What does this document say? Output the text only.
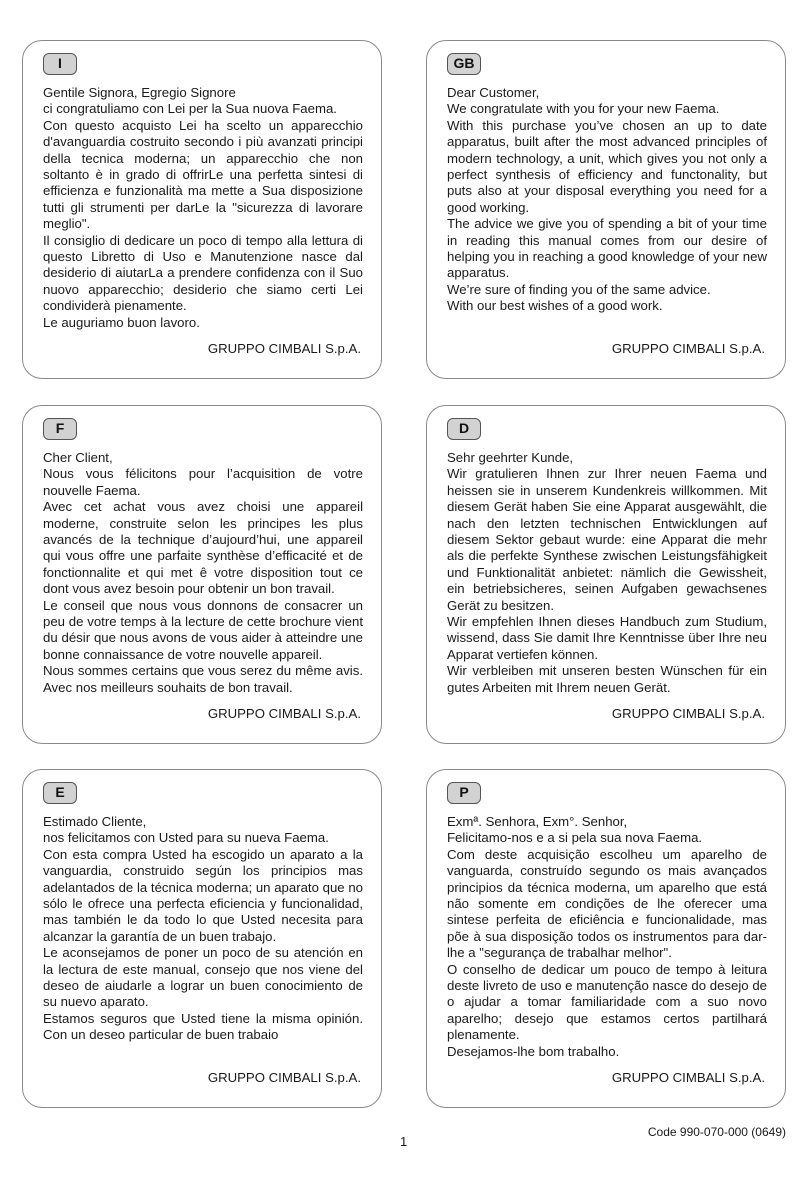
I

Gentile Signora, Egregio Signore

ci congratuliamo con Lei per la Sua nuova Faema.

Con questo acquisto Lei ha scelto un apparecchio d'avanguardia costruito secondo i più avanzati principi della tecnica moderna; un apparecchio che non soltanto è in grado di offrirLe una perfetta sintesi di efficienza e funzionalità ma mette a Sua disposizione tutti gli strumenti per darLe la "sicurezza di lavorare meglio".

Il consiglio di dedicare un poco di tempo alla lettura di questo Libretto di Uso e Manutenzione nasce dal desiderio di aiutarLa a prendere confidenza con il Suo nuovo apparecchio; desiderio che siamo certi Lei condividerà pienamente.

Le auguriamo buon lavoro.

GRUPPO CIMBALI S.p.A.
GB

Dear Customer,

We congratulate with you for your new Faema.

With this purchase you’ve chosen an up to date apparatus, built after the most advanced principles of modern technology, a unit, which gives you not only a perfect synthesis of efficiency and functonality, but puts also at your disposal everything you need for a good working.

The advice we give you of spending a bit of your time in reading this manual comes from our desire of helping you in reaching a good knowledge of your new apparatus.

We’re sure of finding you of the same advice.

With our best wishes of a good work.

GRUPPO CIMBALI S.p.A.
F

Cher Client,

Nous vous félicitons pour l’acquisition de votre nouvelle Faema.

Avec cet achat vous avez choisi une appareil moderne, construite selon les principes les plus avancés de la technique d’aujourd’hui, une appareil qui vous offre une parfaite synthèse d’efficacité et de fonctionnalite et qui met ê votre disposition tout ce dont vous avez besoin pour obtenir un bon travail.

Le conseil que nous vous donnons de consacrer un peu de votre temps à la lecture de cette brochure vient du désir que nous avons de vous aider à atteindre une bonne connaissance de votre nouvelle appareil.

Nous sommes certains que vous serez du même avis. Avec nos meilleurs souhaits de bon travail.

GRUPPO CIMBALI S.p.A.
D

Sehr geehrter Kunde,

Wir gratulieren Ihnen zur Ihrer neuen Faema und heissen sie in unserem Kundenkreis willkommen. Mit diesem Gerät haben Sie eine Apparat ausgewählt, die nach den letzten technischen Entwicklungen auf diesem Sektor gebaut wurde: eine Apparat die mehr als die perfekte Synthese zwischen Leistungsfähigkeit und Funktionalität anbietet: nämlich die Gewissheit, ein betriebsicheres, seinen Aufgaben gewachsenes Gerät zu besitzen.

Wir empfehlen Ihnen dieses Handbuch zum Studium, wissend, dass Sie damit Ihre Kenntnisse über Ihre neu Apparat vertiefen können.

Wir verbleiben mit unseren besten Wünschen für ein gutes Arbeiten mit Ihrem neuen Gerät.

GRUPPO CIMBALI S.p.A.
E

Estimado Cliente,

nos felicitamos con Usted para su nueva Faema.

Con esta compra Usted ha escogido un aparato a la vanguardia, construido según los principios mas adelantados de la técnica moderna; un aparato que no sólo le ofrece una perfecta eficiencia y funcionalidad, mas también le da todo lo que Usted necesita para alcanzar la garantía de un buen trabajo.

Le aconsejamos de poner un poco de su atención en la lectura de este manual, consejo que nos viene del deseo de aiudarle a lograr un buen conocimiento de su nuevo aparato.

Estamos seguros que Usted tiene la misma opinión. Con un deseo particular de buen trabaio

GRUPPO CIMBALI S.p.A.
P

Exmª. Senhora, Exm°. Senhor,

Felicitamo-nos e a si pela sua nova Faema.

Com deste acquisição escolheu um aparelho de vanguarda, construído segundo os mais avançados principios da técnica moderna, um aparelho que está não somente em condições de lhe oferecer uma sintese perfeita de eficiência e funcionalidade, mas põe à sua disposição todos os instrumentos para dar-lhe a "segurança de trabalhar melhor".

O conselho de dedicar um pouco de tempo à leitura deste livreto de uso e manutenção nasce do desejo de o ajudar a tomar familiaridade com a suo novo aparelho; desejo que estamos certos partilhará plenamente.

Desejamos-lhe bom trabalho.

GRUPPO CIMBALI S.p.A.
Code 990-070-000 (0649)
1
